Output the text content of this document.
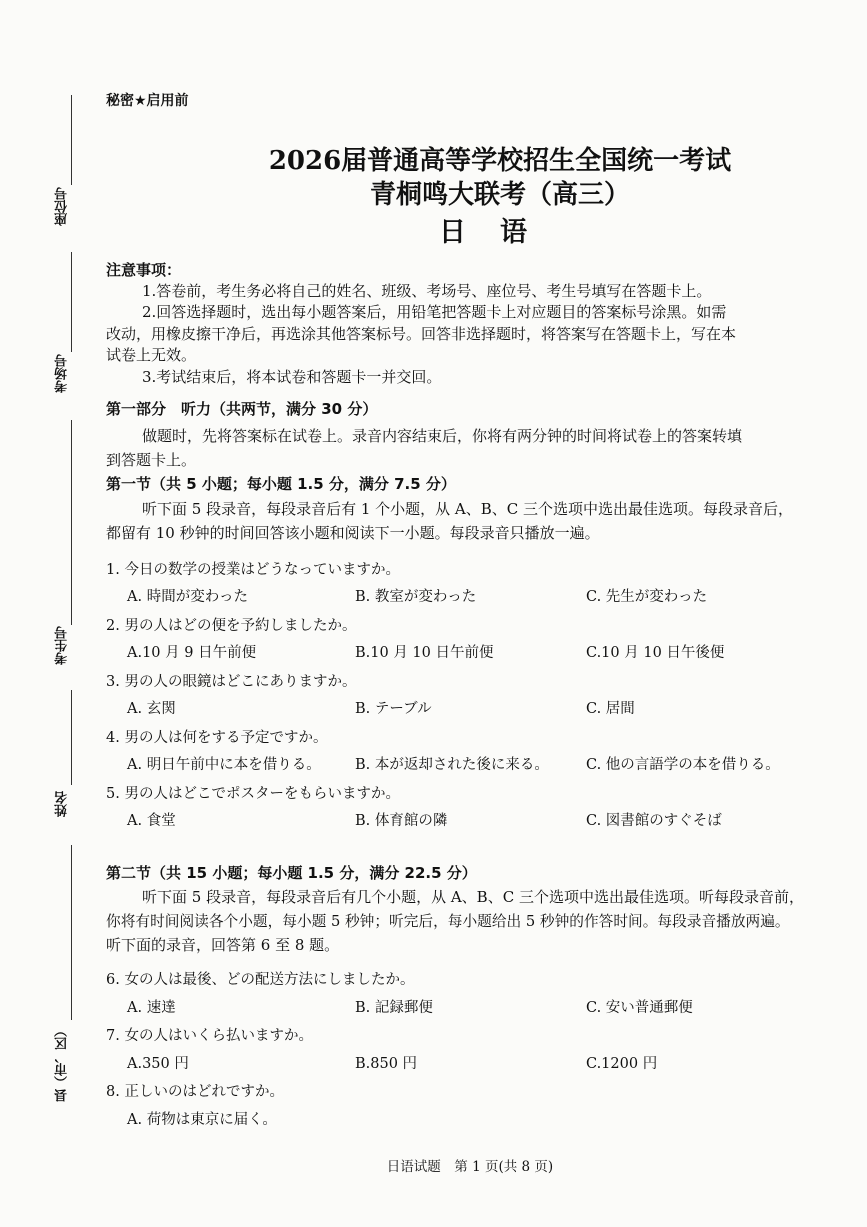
座位号
考场号
考生号
姓名
县（市、区）
秘密★启用前
2026届普通高等学校招生全国统一考试
青桐鸣大联考（高三）
日语
注意事项：
1.答卷前，考生务必将自己的姓名、班级、考场号、座位号、考生号填写在答题卡上。
2.回答选择题时，选出每小题答案后，用铅笔把答题卡上对应题目的答案标号涂黑。如需
改动，用橡皮擦干净后，再选涂其他答案标号。回答非选择题时，将答案写在答题卡上，写在本
试卷上无效。
3.考试结束后，将本试卷和答题卡一并交回。
第一部分　听力（共两节，满分 30 分）
做题时，先将答案标在试卷上。录音内容结束后，你将有两分钟的时间将试卷上的答案转填
到答题卡上。
第一节（共 5 小题；每小题 1.5 分，满分 7.5 分）
听下面 5 段录音，每段录音后有 1 个小题，从 A、B、C 三个选项中选出最佳选项。每段录音后，
都留有 10 秒钟的时间回答该小题和阅读下一小题。每段录音只播放一遍。
1. 今日の数学の授業はどうなっていますか。
A. 時間が変わった	B. 教室が変わった	C. 先生が変わった
2. 男の人はどの便を予約しましたか。
A.10 月 9 日午前便	B.10 月 10 日午前便	C.10 月 10 日午後便
3. 男の人の眼鏡はどこにありますか。
A. 玄関	B. テーブル	C. 居間
4. 男の人は何をする予定ですか。
A. 明日午前中に本を借りる。 B. 本が返却された後に来る。	C. 他の言語学の本を借りる。
5. 男の人はどこでポスターをもらいますか。
A. 食堂	B. 体育館の隣	C. 図書館のすぐそば
第二节（共 15 小题；每小题 1.5 分，满分 22.5 分）
听下面 5 段录音，每段录音后有几个小题，从 A、B、C 三个选项中选出最佳选项。听每段录音前，
你将有时间阅读各个小题，每小题 5 秒钟；听完后，每小题给出 5 秒钟的作答时间。每段录音播放两遍。
听下面的录音，回答第 6 至 8 题。
6. 女の人は最後、どの配送方法にしましたか。
A. 速達	B. 記録郵便	C. 安い普通郵便
7. 女の人はいくら払いますか。
A.350 円	B.850 円	C.1200 円
8. 正しいのはどれですか。
A. 荷物は東京に届く。
日语试题　第 1 页(共 8 页)
